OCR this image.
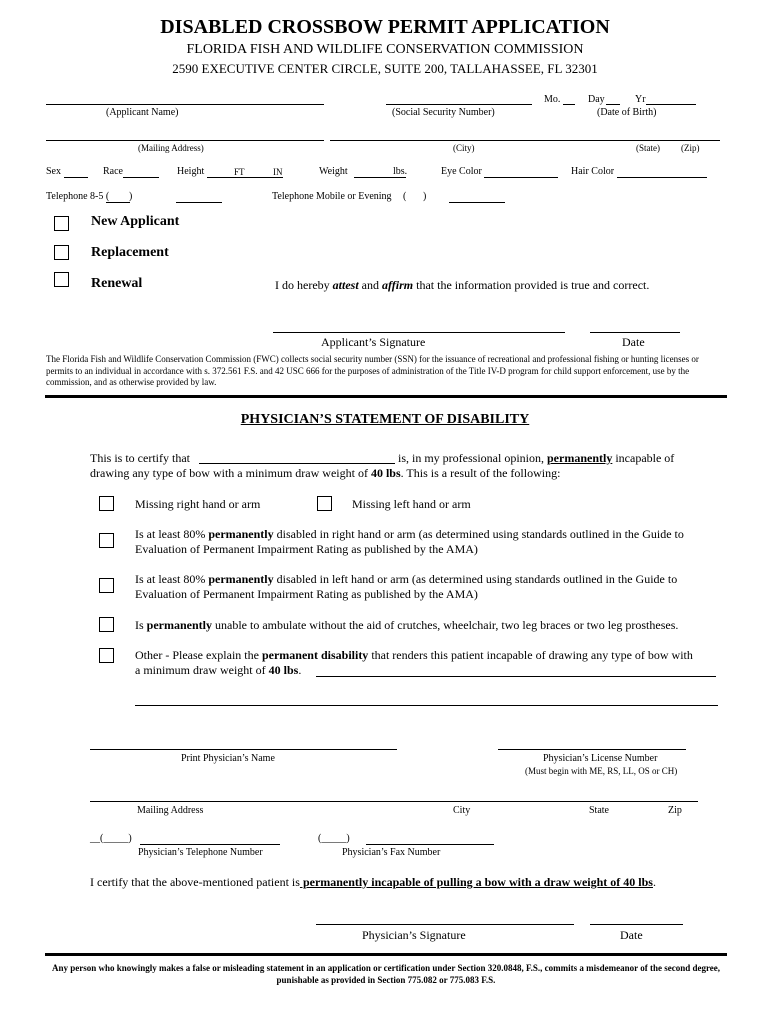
DISABLED CROSSBOW PERMIT APPLICATION
FLORIDA FISH AND WILDLIFE CONSERVATION COMMISSION
2590 EXECUTIVE CENTER CIRCLE, SUITE 200, TALLAHASSEE, FL 32301
(Applicant Name)	(Social Security Number)
Mo.	Day	Yr
(Date of Birth)
(Mailing Address)	(City)	(State) (Zip)
Sex	Race	Height	FT	IN	Weight	lbs.	Eye Color	Hair Color
Telephone 8-5 ( )	Telephone Mobile or Evening ( )
New Applicant
Replacement
Renewal	I do hereby attest and affirm that the information provided is true and correct.
Applicant’s Signature	Date
The Florida Fish and Wildlife Conservation Commission (FWC) collects social security number (SSN) for the issuance of recreational and professional fishing or hunting licenses or permits to an individual in accordance with s. 372.561 F.S. and 42 USC 666 for the purposes of administration of the Title IV-D program for child support enforcement, use by the commission, and as otherwise provided by law.
PHYSICIAN’S STATEMENT OF DISABILITY
This is to certify that	is, in my professional opinion, permanently incapable of
drawing any type of bow with a minimum draw weight of 40 lbs. This is a result of the following:
Missing right hand or arm	Missing left hand or arm
Is at least 80% permanently disabled in right hand or arm (as determined using standards outlined in the Guide to
Evaluation of Permanent Impairment Rating as published by the AMA)
Is at least 80% permanently disabled in left hand or arm (as determined using standards outlined in the Guide to
Evaluation of Permanent Impairment Rating as published by the AMA)
Is permanently unable to ambulate without the aid of crutches, wheelchair, two leg braces or two leg prostheses.
Other - Please explain the permanent disability that renders this patient incapable of drawing any type of bow with
a minimum draw weight of 40 lbs.
Print Physician’s Name	Physician’s License Number
(Must begin with ME, RS, LL, OS or CH)
Mailing Address	City	State	Zip
__(_____)
Physician’s Telephone Number
(_____)
Physician’s Fax Number
I certify that the above-mentioned patient is permanently incapable of pulling a bow with a draw weight of 40 lbs.
Physician’s Signature	Date
Any person who knowingly makes a false or misleading statement in an application or certification under Section 320.0848, F.S., commits a misdemeanor of the second degree, punishable as provided in Section 775.082 or 775.083 F.S.
